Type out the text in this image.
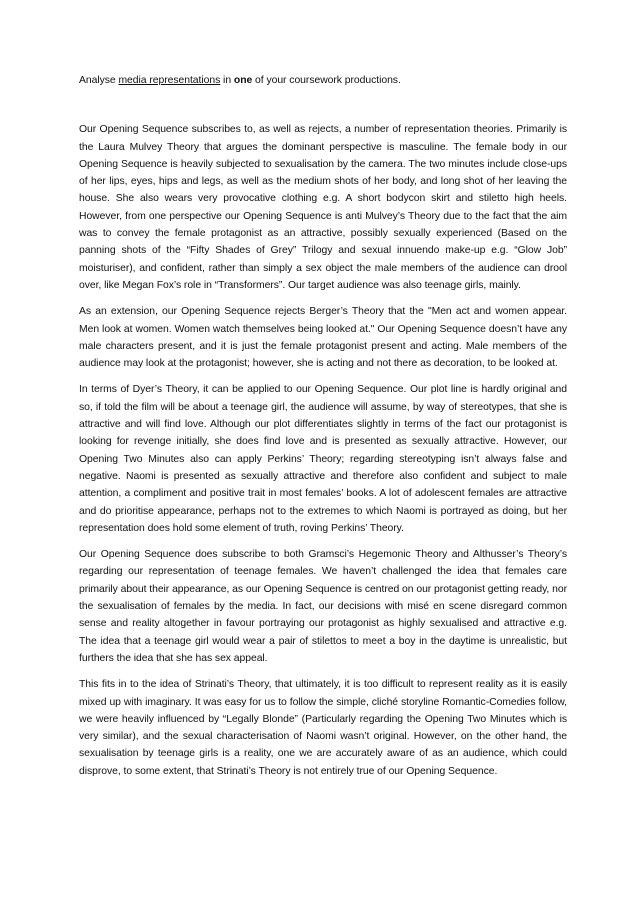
Analyse media representations in one of your coursework productions.

Our Opening Sequence subscribes to, as well as rejects, a number of representation theories. Primarily is the Laura Mulvey Theory that argues the dominant perspective is masculine. The female body in our Opening Sequence is heavily subjected to sexualisation by the camera. The two minutes include close-ups of her lips, eyes, hips and legs, as well as the medium shots of her body, and long shot of her leaving the house. She also wears very provocative clothing e.g. A short bodycon skirt and stiletto high heels. However, from one perspective our Opening Sequence is anti Mulvey’s Theory due to the fact that the aim was to convey the female protagonist as an attractive, possibly sexually experienced (Based on the panning shots of the “Fifty Shades of Grey” Trilogy and sexual innuendo make-up e.g. “Glow Job” moisturiser), and confident, rather than simply a sex object the male members of the audience can drool over, like Megan Fox’s role in “Transformers”. Our target audience was also teenage girls, mainly.

As an extension, our Opening Sequence rejects Berger’s Theory that the "Men act and women appear. Men look at women. Women watch themselves being looked at." Our Opening Sequence doesn’t have any male characters present, and it is just the female protagonist present and acting. Male members of the audience may look at the protagonist; however, she is acting and not there as decoration, to be looked at.

In terms of Dyer’s Theory, it can be applied to our Opening Sequence. Our plot line is hardly original and so, if told the film will be about a teenage girl, the audience will assume, by way of stereotypes, that she is attractive and will find love. Although our plot differentiates slightly in terms of the fact our protagonist is looking for revenge initially, she does find love and is presented as sexually attractive. However, our Opening Two Minutes also can apply Perkins’ Theory; regarding stereotyping isn’t always false and negative. Naomi is presented as sexually attractive and therefore also confident and subject to male attention, a compliment and positive trait in most females’ books. A lot of adolescent females are attractive and do prioritise appearance, perhaps not to the extremes to which Naomi is portrayed as doing, but her representation does hold some element of truth, roving Perkins’ Theory.

Our Opening Sequence does subscribe to both Gramsci’s Hegemonic Theory and Althusser’s Theory’s regarding our representation of teenage females. We haven’t challenged the idea that females care primarily about their appearance, as our Opening Sequence is centred on our protagonist getting ready, nor the sexualisation of females by the media. In fact, our decisions with misé en scene disregard common sense and reality altogether in favour portraying our protagonist as highly sexualised and attractive e.g. The idea that a teenage girl would wear a pair of stilettos to meet a boy in the daytime is unrealistic, but furthers the idea that she has sex appeal.

This fits in to the idea of Strinati’s Theory, that ultimately, it is too difficult to represent reality as it is easily mixed up with imaginary. It was easy for us to follow the simple, cliché storyline Romantic-Comedies follow, we were heavily influenced by “Legally Blonde” (Particularly regarding the Opening Two Minutes which is very similar), and the sexual characterisation of Naomi wasn’t original. However, on the other hand, the sexualisation by teenage girls is a reality, one we are accurately aware of as an audience, which could disprove, to some extent, that Strinati’s Theory is not entirely true of our Opening Sequence.
